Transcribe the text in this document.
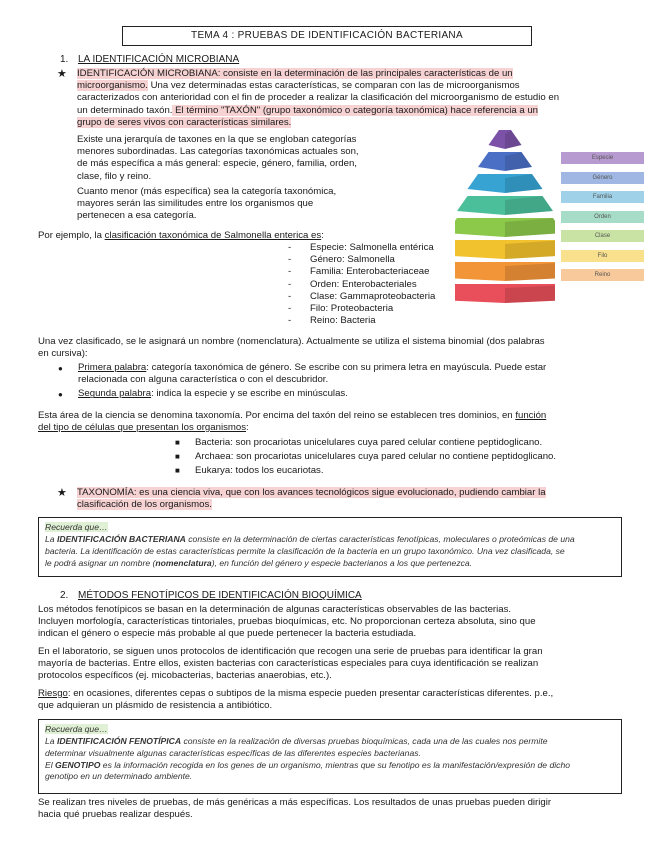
TEMA 4 : PRUEBAS DE IDENTIFICACIÓN BACTERIANA
1. LA IDENTIFICACIÓN MICROBIANA
★ IDENTIFICACIÓN MICROBIANA: consiste en la determinación de las principales características de un
microorganismo. Una vez determinadas estas características, se comparan con las de microorganismos
caracterizados con anterioridad con el fin de proceder a realizar la clasificación del microorganismo de estudio en
un determinado taxón. El término "TAXÓN" (grupo taxonómico o categoría taxonómica) hace referencia a un
grupo de seres vivos con características similares.
Existe una jerarquía de taxones en la que se engloban categorías
menores subordinadas. Las categorías taxonómicas actuales son,
de más específica a más general: especie, género, familia, orden,
clase, filo y reino.
Cuanto menor (más específica) sea la categoría taxonómica,
mayores serán las similitudes entre los organismos que
pertenecen a esa categoría.
Especie
Género
Familia
Orden
Clase
Filo
Reino
Por ejemplo, la clasificación taxonómica de Salmonella enterica es:
- Especie: Salmonella entérica
- Género: Salmonella
- Familia: Enterobacteriaceae
- Orden: Enterobacteriales
- Clase: Gammaproteobacteria
- Filo: Proteobacteria
- Reino: Bacteria
Una vez clasificado, se le asignará un nombre (nomenclatura). Actualmente se utiliza el sistema binomial (dos palabras
en cursiva):
● Primera palabra: categoría taxonómica de género. Se escribe con su primera letra en mayúscula. Puede estar
relacionada con alguna característica o con el descubridor.
● Segunda palabra: indica la especie y se escribe en minúsculas.
Esta área de la ciencia se denomina taxonomía. Por encima del taxón del reino se establecen tres dominios, en función
del tipo de células que presentan los organismos:
■ Bacteria: son procariotas unicelulares cuya pared celular contiene peptidoglicano.
■ Archaea: son procariotas unicelulares cuya pared celular no contiene peptidoglicano.
■ Eukarya: todos los eucariotas.
★ TAXONOMÍA: es una ciencia viva, que con los avances tecnológicos sigue evolucionado, pudiendo cambiar la
clasificación de los organismos.
Recuerda que…
La IDENTIFICACIÓN BACTERIANA consiste en la determinación de ciertas características fenotípicas, moleculares o proteómicas de una
bacteria. La identificación de estas características permite la clasificación de la bacteria en un grupo taxonómico. Una vez clasificada, se
le podrá asignar un nombre (nomenclatura), en función del género y especie bacterianos a los que pertenezca.
2. MÉTODOS FENOTÍPICOS DE IDENTIFICACIÓN BIOQUÍMICA
Los métodos fenotípicos se basan en la determinación de algunas características observables de las bacterias.
Incluyen morfología, características tintoriales, pruebas bioquímicas, etc. No proporcionan certeza absoluta, sino que
indican el género o especie más probable al que puede pertenecer la bacteria estudiada.
En el laboratorio, se siguen unos protocolos de identificación que recogen una serie de pruebas para identificar la gran
mayoría de bacterias. Entre ellos, existen bacterias con características especiales para cuya identificación se realizan
protocolos específicos (ej. micobacterias, bacterias anaerobias, etc.).
Riesgo: en ocasiones, diferentes cepas o subtipos de la misma especie pueden presentar características diferentes. p.e.,
que adquieran un plásmido de resistencia a antibiótico.
Recuerda que…
La IDENTIFICACIÓN FENOTÍPICA consiste en la realización de diversas pruebas bioquímicas, cada una de las cuales nos permite
determinar visualmente algunas características específicas de las diferentes especies bacterianas.
El GENOTIPO es la información recogida en los genes de un organismo, mientras que su fenotipo es la manifestación/expresión de dicho
genotipo en un determinado ambiente.
Se realizan tres niveles de pruebas, de más genéricas a más específicas. Los resultados de unas pruebas pueden dirigir
hacia qué pruebas realizar después.
